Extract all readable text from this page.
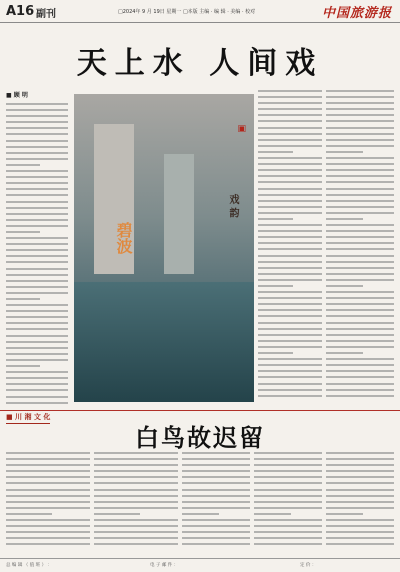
A16 副刊	□2024年 9 月 19日 星期一 □本版 主编 · 编 辑 · 美编 · 校对	中国旅游报
天上水 人间戏
■ 顾 明
碧波
戏 韵
▣
■ 川 湘 文 化
白鸟故迟留
总 编 辑 （ 值 班 ） ：	电 子 邮 件 ：	定 价 ：
